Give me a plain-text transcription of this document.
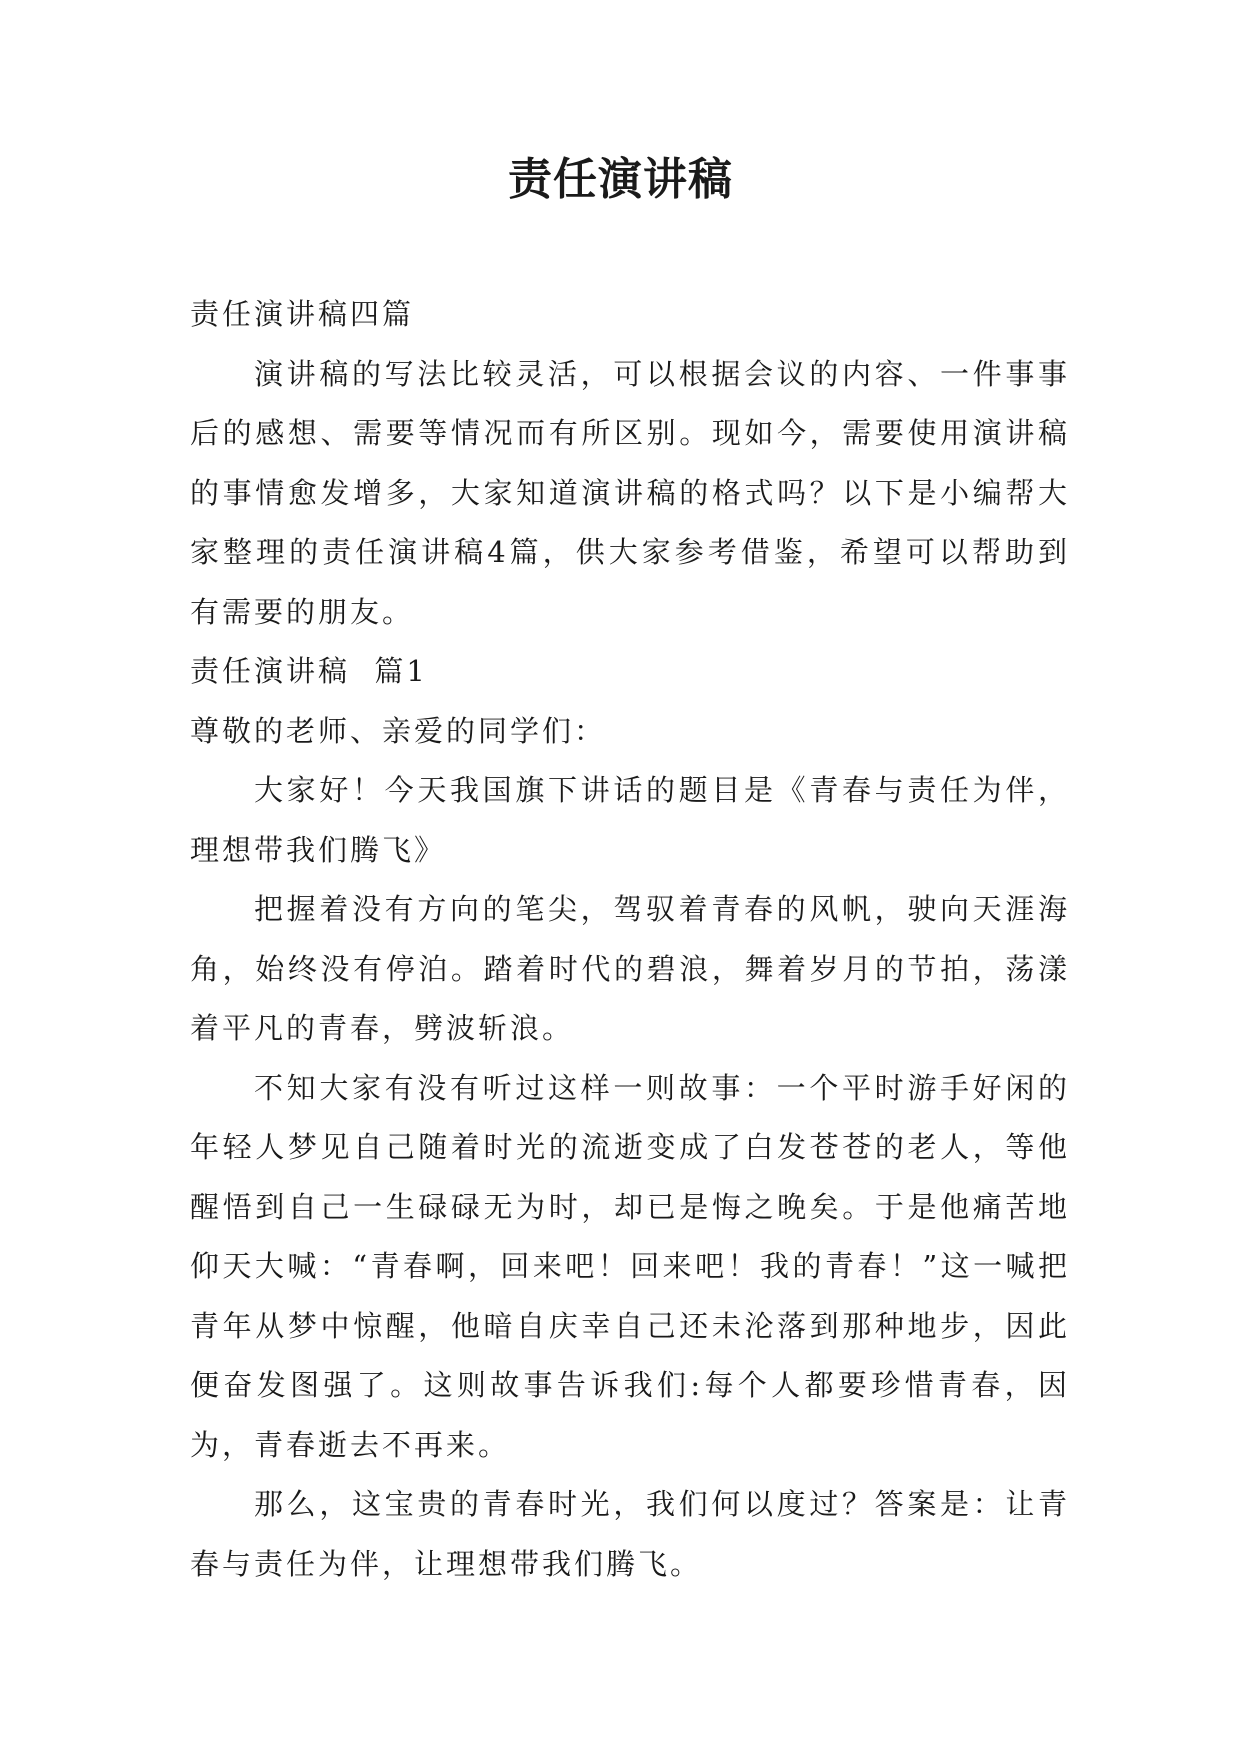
责任演讲稿

责任演讲稿四篇

演讲稿的写法比较灵活，可以根据会议的内容、一件事事后的感想、需要等情况而有所区别。现如今，需要使用演讲稿的事情愈发增多，大家知道演讲稿的格式吗？以下是小编帮大家整理的责任演讲稿4篇，供大家参考借鉴，希望可以帮助到有需要的朋友。

责任演讲稿  篇1

尊敬的老师、亲爱的同学们：

大家好！今天我国旗下讲话的题目是《青春与责任为伴，理想带我们腾飞》

把握着没有方向的笔尖，驾驭着青春的风帆，驶向天涯海角，始终没有停泊。踏着时代的碧浪，舞着岁月的节拍，荡漾着平凡的青春，劈波斩浪。

不知大家有没有听过这样一则故事：一个平时游手好闲的年轻人梦见自己随着时光的流逝变成了白发苍苍的老人，等他醒悟到自己一生碌碌无为时，却已是悔之晚矣。于是他痛苦地仰天大喊：“青春啊，回来吧！回来吧！我的青春！”这一喊把青年从梦中惊醒，他暗自庆幸自己还未沦落到那种地步，因此便奋发图强了。这则故事告诉我们:每个人都要珍惜青春，因为，青春逝去不再来。

那么，这宝贵的青春时光，我们何以度过？答案是：让青春与责任为伴，让理想带我们腾飞。
